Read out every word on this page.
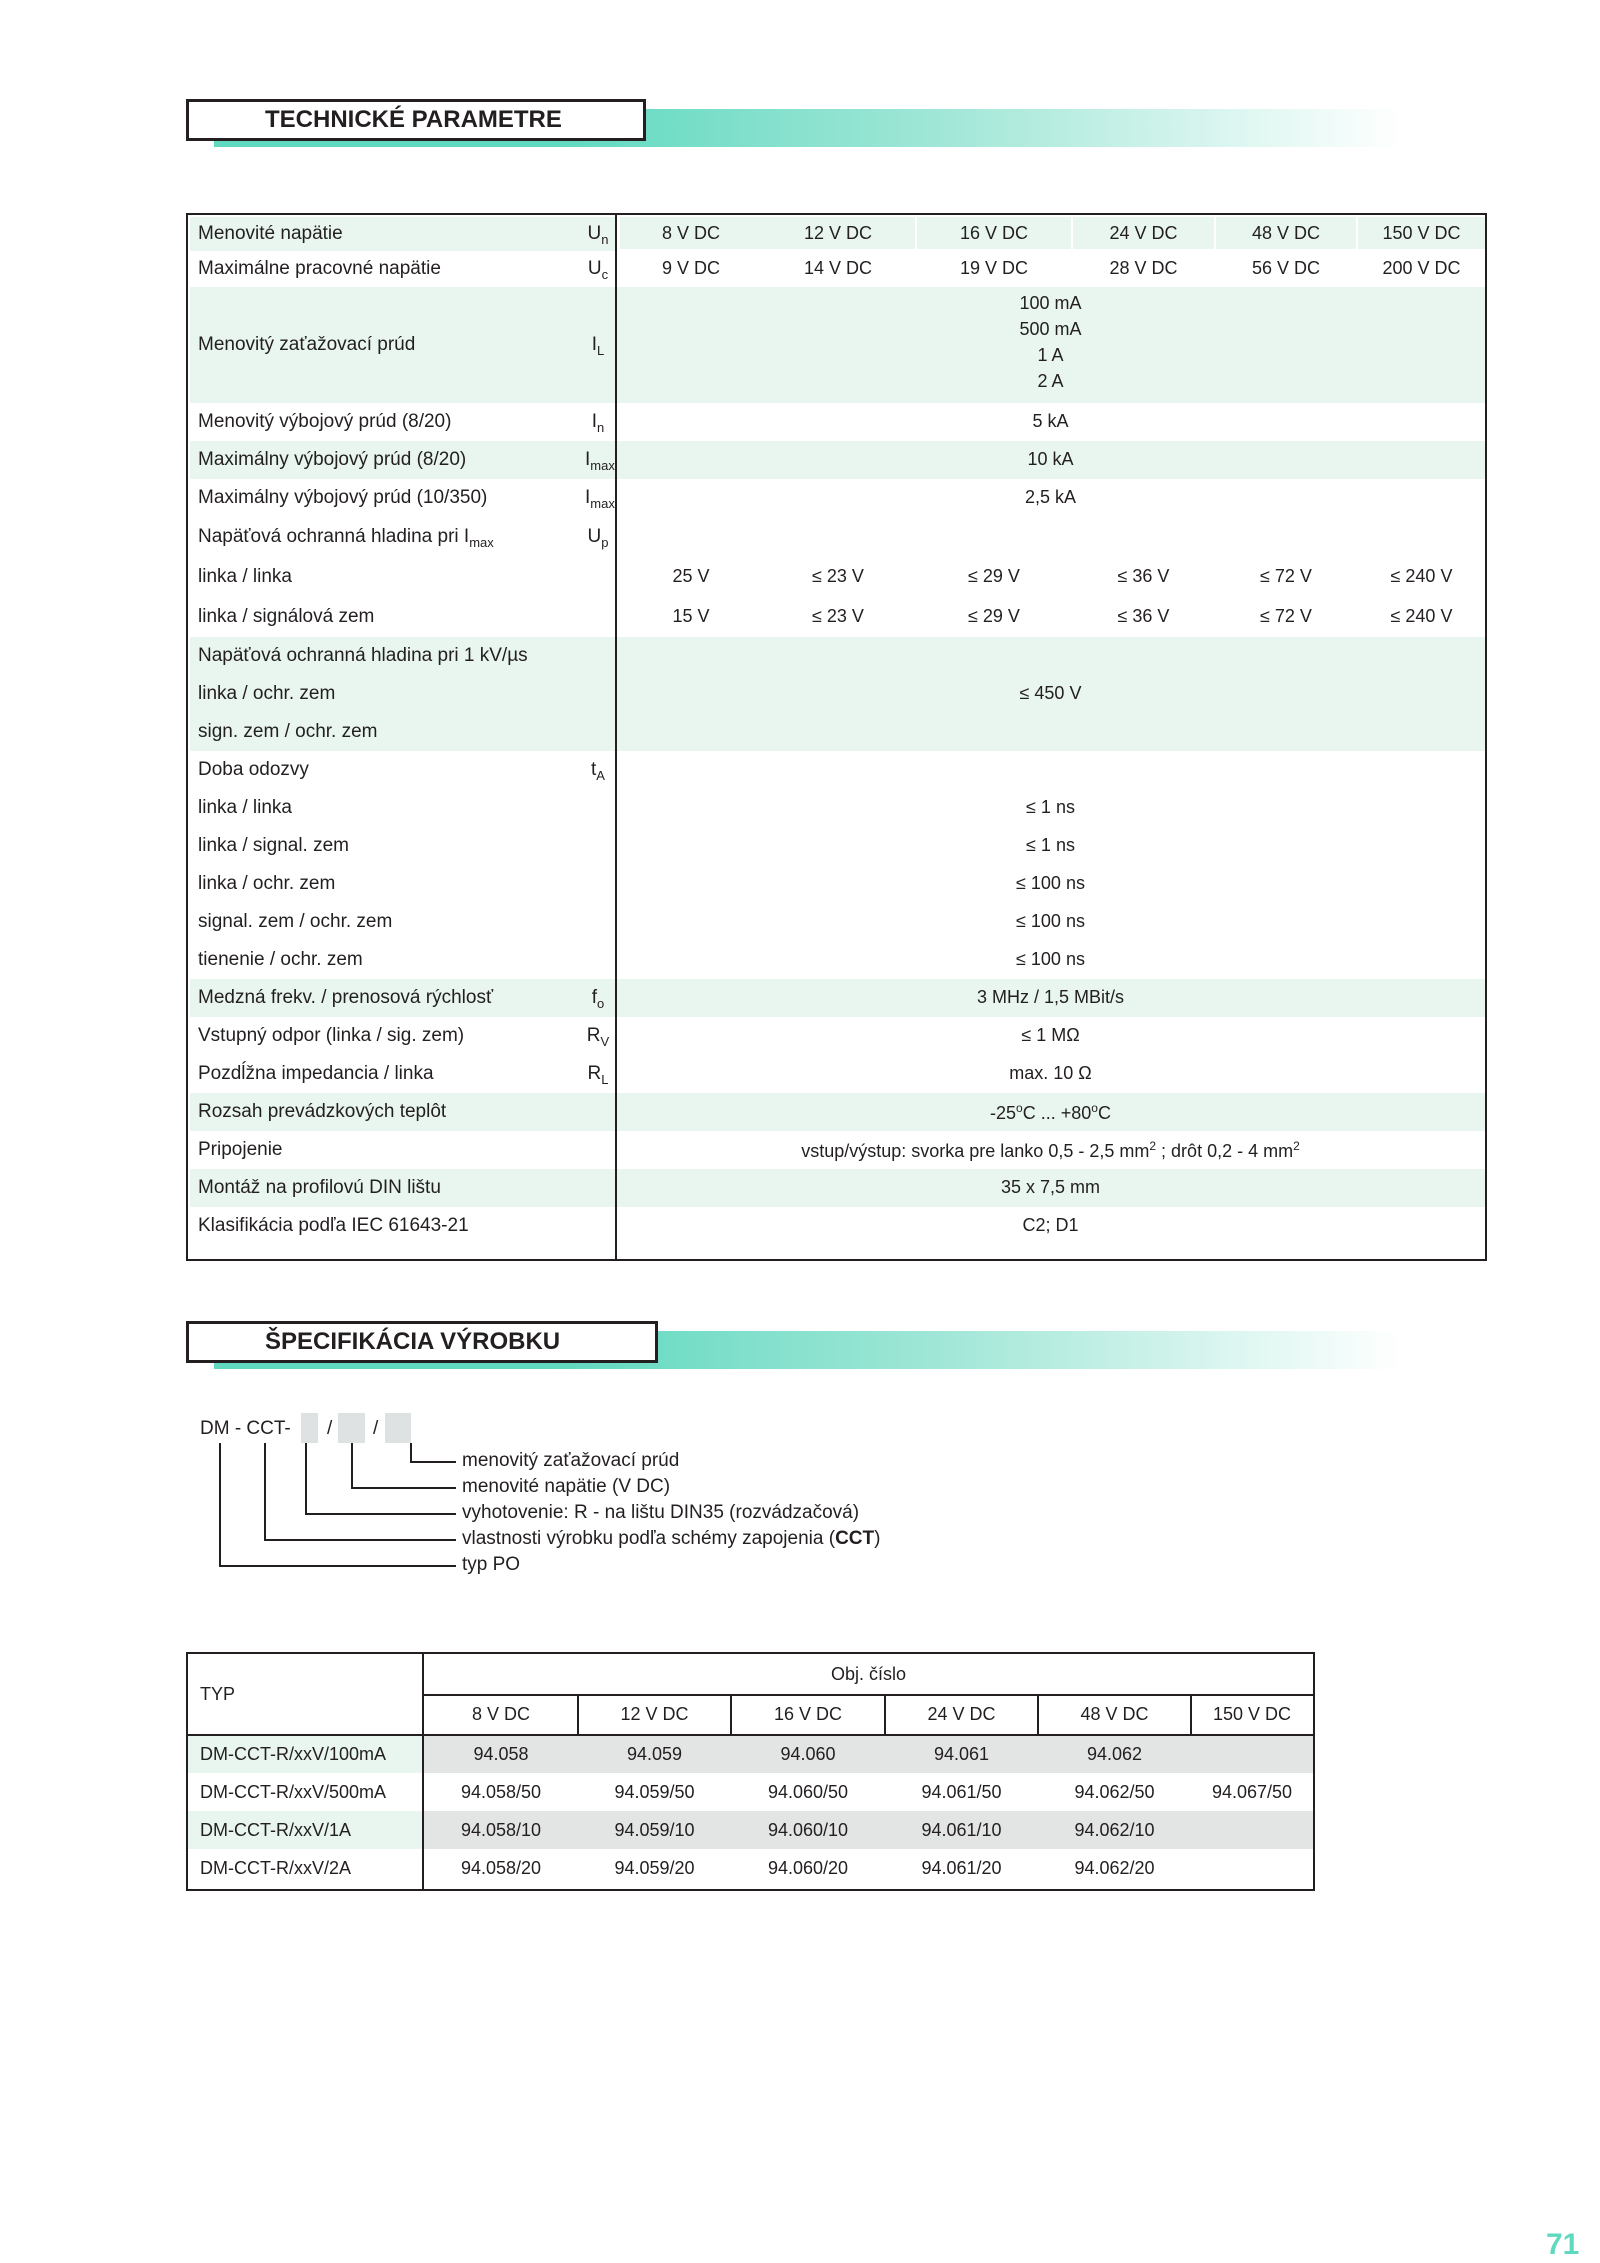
TECHNICKÉ PARAMETRE
Menovité napätie	$U_n$	8 V DC	12 V DC	16 V DC	24 V DC	48 V DC	150 V DC
Maximálne pracovné napätie	$U_c$	9 V DC	14 V DC	19 V DC	28 V DC	56 V DC	200 V DC
Menovitý zaťažovací prúd	$I_L$
100 mA
500 mA
1 A
2 A
Menovitý výbojový prúd (8/20)	$I_n$	5 kA
Maximálny výbojový prúd (8/20)	$I_{max}$	10 kA
Maximálny výbojový prúd (10/350)	$I_{max}$	2,5 kA
Napäťová ochranná hladina pri $I_{max}$	$U_p$
linka / linka	25 V	≤ 23 V	≤ 29 V	≤ 36 V	≤ 72 V	≤ 240 V
linka / signálová zem	15 V	≤ 23 V	≤ 29 V	≤ 36 V	≤ 72 V	≤ 240 V
Napäťová ochranná hladina pri 1 kV/µs
linka / ochr. zem	≤ 450 V
sign. zem / ochr. zem
Doba odozvy	$t_A$
linka / linka	≤ 1 ns
linka / signal. zem	≤ 1 ns
linka / ochr. zem	≤ 100 ns
signal. zem / ochr. zem	≤ 100 ns
tienenie / ochr. zem	≤ 100 ns
Medzná frekv. / prenosová rýchlosť	$f_o$	3 MHz / 1,5 MBit/s
Vstupný odpor (linka / sig. zem)	$R_V$	≤ 1 MΩ
Pozdĺžna impedancia / linka	$R_L$	max. 10 Ω
Rozsah prevádzkových teplôt	-25$^o$C ... $+80^oC$
Pripojenie	vstup/výstup: svorka pre lanko 0,5 - 2,5 $mm^2$ ; drôt 0,2 - 4 $mm^2$
Montáž na profilovú DIN lištu	35 x 7,5 mm
Klasifikácia podľa IEC 61643-21	C2; D1
ŠPECIFIKÁCIA VÝROBKU
DM - CCT- / /
menovitý zaťažovací prúd
menovité napätie (V DC)
vyhotovenie: R - na lištu DIN35 (rozvádzačová)
vlastnosti výrobku podľa schémy zapojenia (CCT)
typ PO
TYP
Obj. číslo
8 V DC	12 V DC	16 V DC	24 V DC	48 V DC	150 V DC
DM-CCT-R/xxV/100mA	94.058	94.059	94.060	94.061	94.062
DM-CCT-R/xxV/500mA	94.058/50	94.059/50	94.060/50	94.061/50	94.062/50	94.067/50
DM-CCT-R/xxV/1A	94.058/10	94.059/10	94.060/10	94.061/10	94.062/10
DM-CCT-R/xxV/2A	94.058/20	94.059/20	94.060/20	94.061/20	94.062/20
71
